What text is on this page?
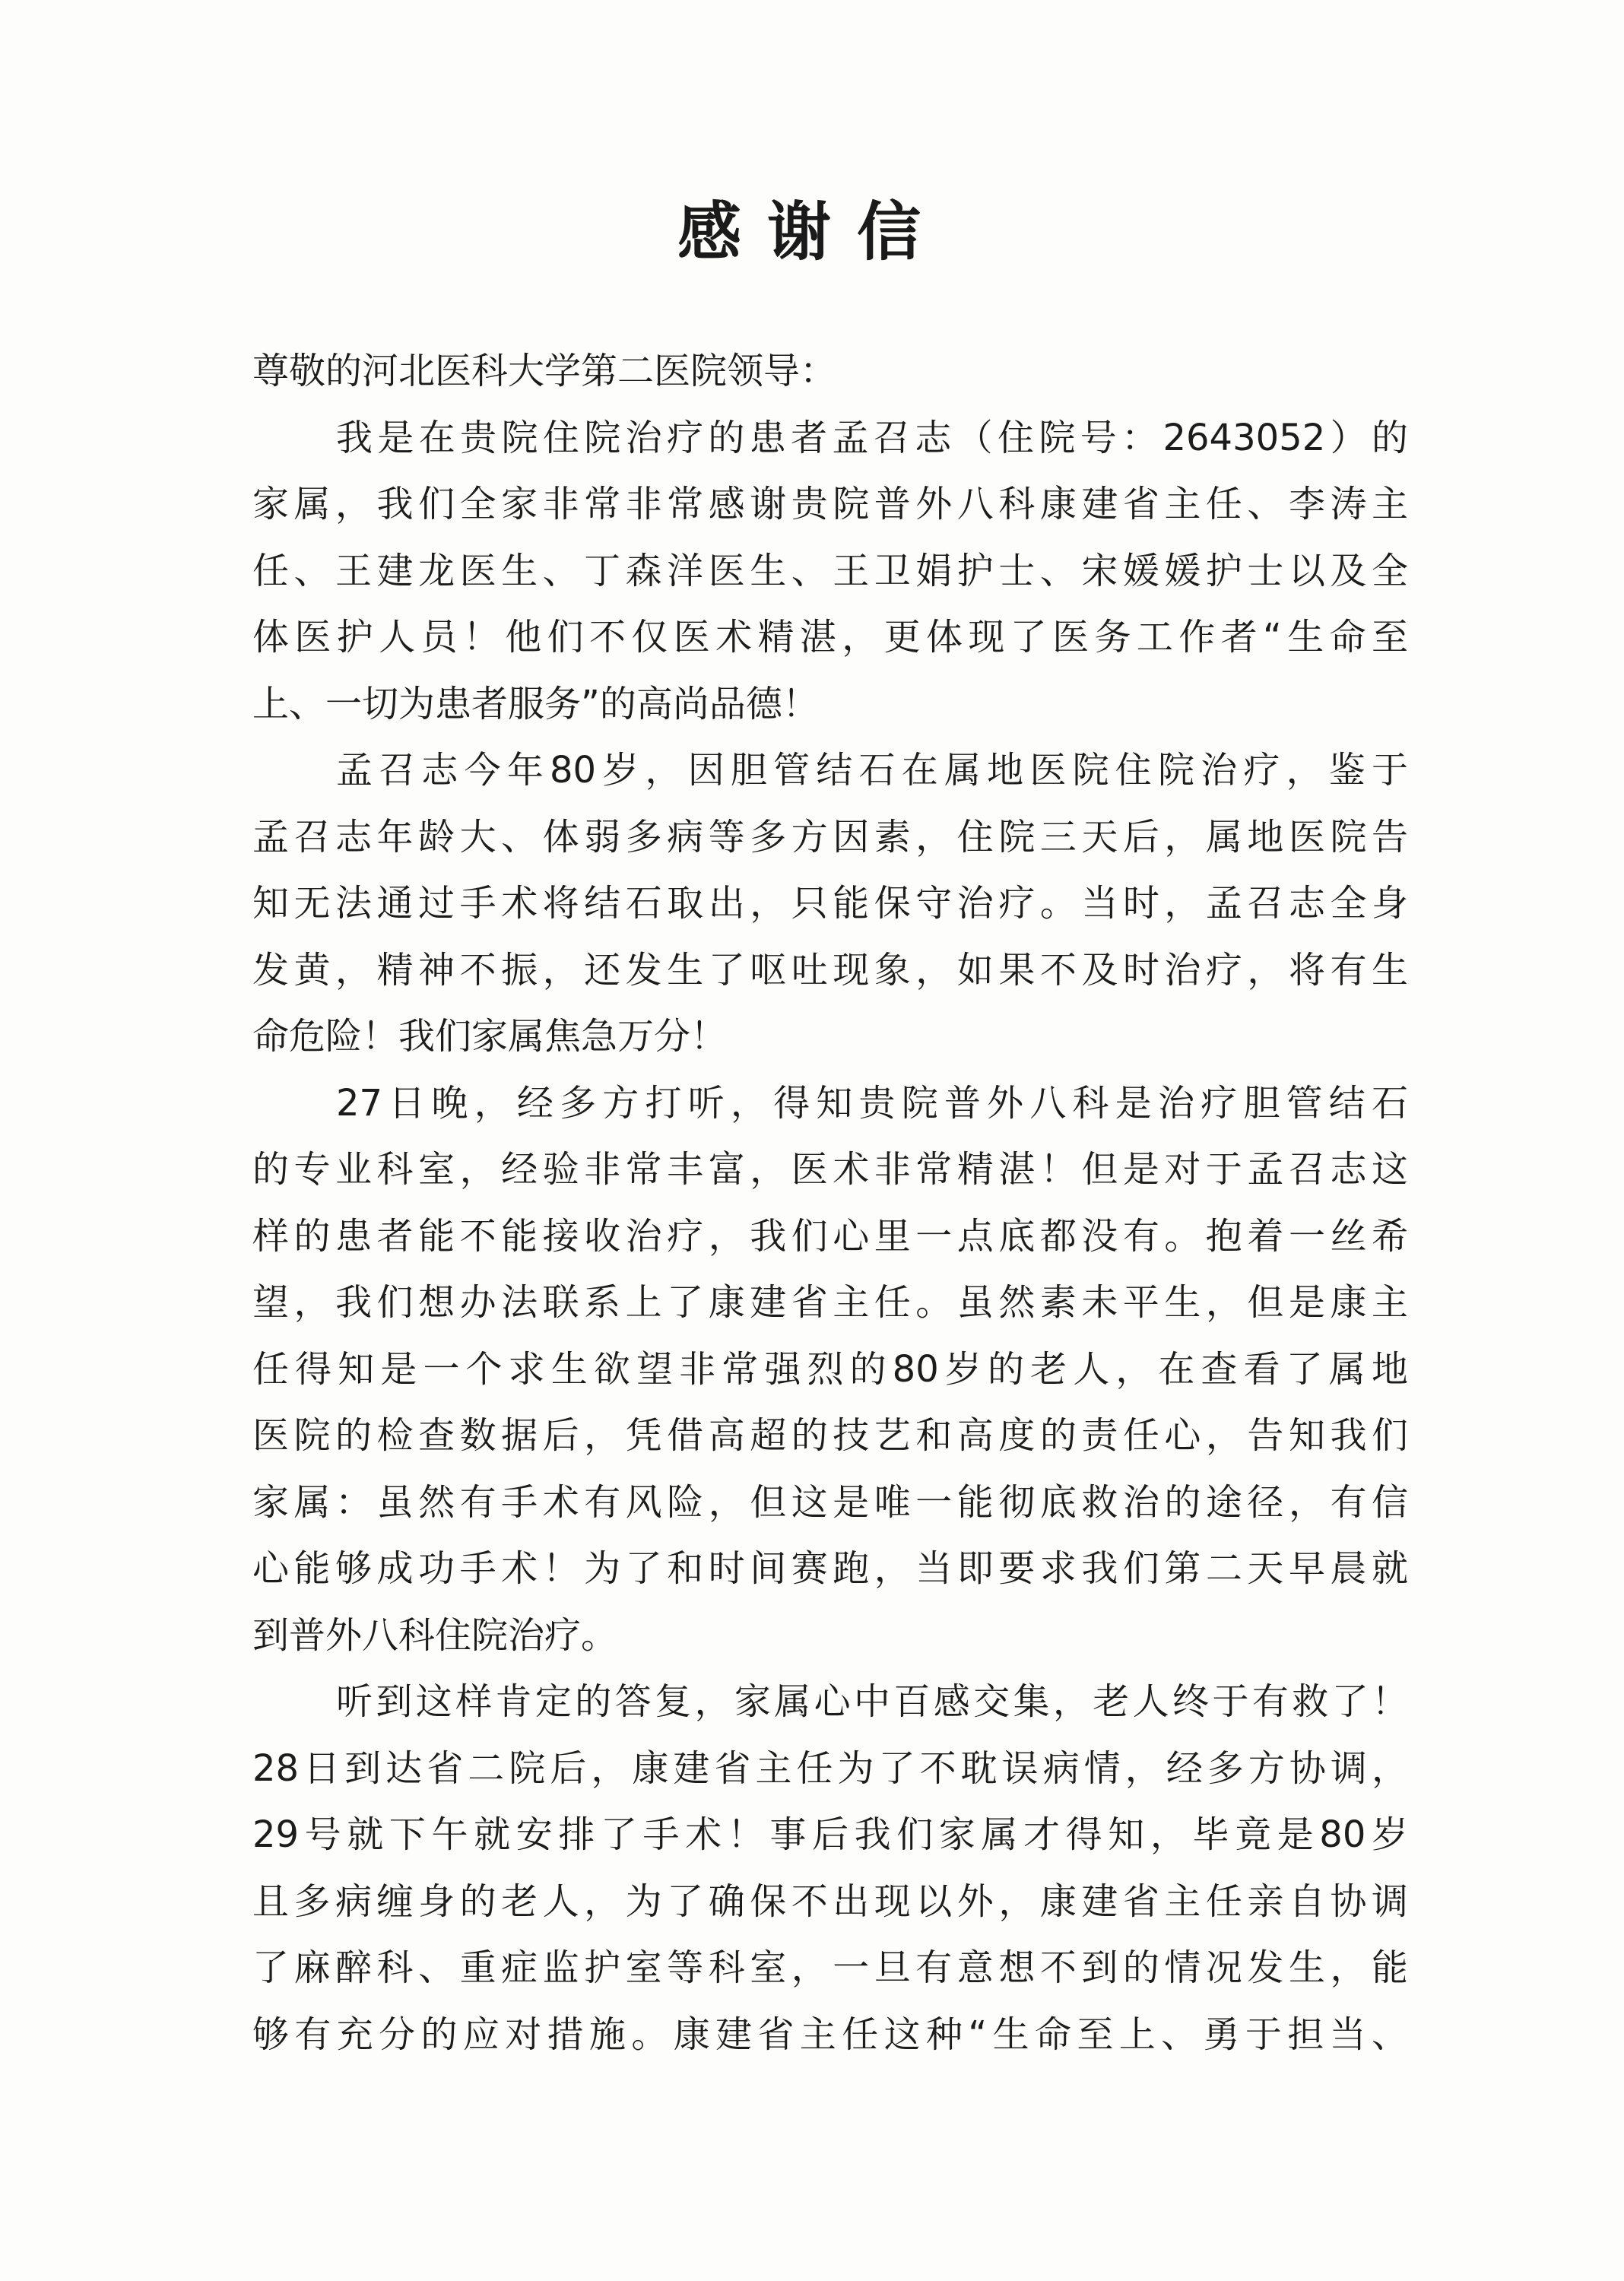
感谢信
尊敬的河北医科大学第二医院领导：
我是在贵院住院治疗的患者孟召志（住院号：2643052）的
家属，我们全家非常非常感谢贵院普外八科康建省主任、李涛主
任、王建龙医生、丁森洋医生、王卫娟护士、宋媛媛护士以及全
体医护人员！他们不仅医术精湛，更体现了医务工作者“生命至
上、一切为患者服务”的高尚品德！
孟召志今年80岁，因胆管结石在属地医院住院治疗，鉴于
孟召志年龄大、体弱多病等多方因素，住院三天后，属地医院告
知无法通过手术将结石取出，只能保守治疗。当时，孟召志全身
发黄，精神不振，还发生了呕吐现象，如果不及时治疗，将有生
命危险！我们家属焦急万分！
27日晚，经多方打听，得知贵院普外八科是治疗胆管结石
的专业科室，经验非常丰富，医术非常精湛！但是对于孟召志这
样的患者能不能接收治疗，我们心里一点底都没有。抱着一丝希
望，我们想办法联系上了康建省主任。虽然素未平生，但是康主
任得知是一个求生欲望非常强烈的80岁的老人，在查看了属地
医院的检查数据后，凭借高超的技艺和高度的责任心，告知我们
家属：虽然有手术有风险，但这是唯一能彻底救治的途径，有信
心能够成功手术！为了和时间赛跑，当即要求我们第二天早晨就
到普外八科住院治疗。
听到这样肯定的答复，家属心中百感交集，老人终于有救了！
28日到达省二院后，康建省主任为了不耽误病情，经多方协调，
29号就下午就安排了手术！事后我们家属才得知，毕竟是80岁
且多病缠身的老人，为了确保不出现以外，康建省主任亲自协调
了麻醉科、重症监护室等科室，一旦有意想不到的情况发生，能
够有充分的应对措施。康建省主任这种“生命至上、勇于担当、
